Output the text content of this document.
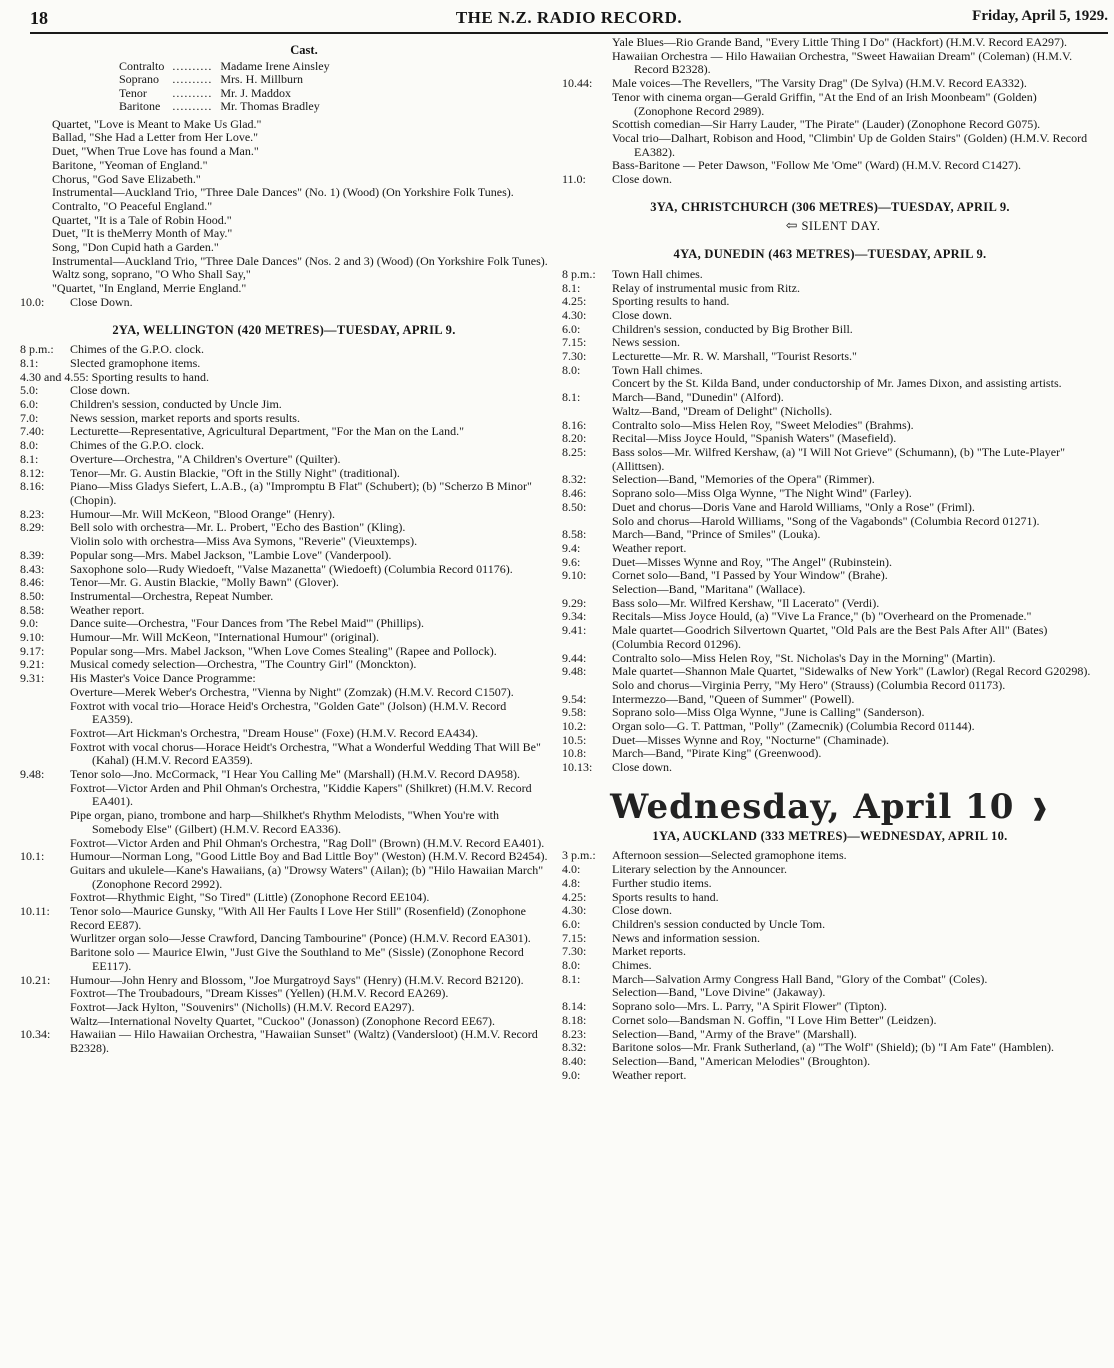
18	THE N.Z. RADIO RECORD.	Friday, April 5, 1929.
Cast.
Contralto	..........	Madame Irene Ainsley
Soprano	..........	Mrs. H. Millburn
Tenor	..........	Mr. J. Maddox
Baritone	..........	Mr. Thomas Bradley
Quartet, "Love is Meant to Make Us Glad."
Ballad, "She Had a Letter from Her Love."
Duet, "When True Love has found a Man."
Baritone, "Yeoman of England."
Chorus, "God Save Elizabeth."
Instrumental—Auckland Trio, "Three Dale Dances" (No. 1) (Wood) (On Yorkshire Folk Tunes).
Contralto, "O Peaceful England."
Quartet, "It is a Tale of Robin Hood."
Duet, "It is theMerry Month of May."
Song, "Don Cupid hath a Garden."
Instrumental—Auckland Trio, "Three Dale Dances" (Nos. 2 and 3) (Wood) (On Yorkshire Folk Tunes).
Waltz song, soprano, "O Who Shall Say,"
"Quartet, "In England, Merrie England."
10.0: Close Down.
2YA, WELLINGTON (420 METRES)—TUESDAY, APRIL 9.
8 p.m.: Chimes of the G.P.O. clock.
8.1:	Slected gramophone items.
4.30 and 4.55: Sporting results to hand.
5.0:	Close down.
6.0:	Children's session, conducted by Uncle Jim.
7.0:	News session, market reports and sports results.
7.40: Lecturette—Representative, Agricultural Department, "For the Man on the Land."
8.0:	Chimes of the G.P.O. clock.
8.1:	Overture—Orchestra, "A Children's Overture" (Quilter).
8.12: Tenor—Mr. G. Austin Blackie, "Oft in the Stilly Night" (traditional).
8.16: Piano—Miss Gladys Siefert, L.A.B., (a) "Impromptu B Flat" (Schubert); (b) "Scherzo B Minor" (Chopin).
8.23: Humour—Mr. Will McKeon, "Blood Orange" (Henry).
8.29: Bell solo with orchestra—Mr. L. Probert, "Echo des Bastion" (Kling).
Violin solo with orchestra—Miss Ava Symons, "Reverie" (Vieuxtemps).
8.39: Popular song—Mrs. Mabel Jackson, "Lambie Love" (Vanderpool).
8.43: Saxophone solo—Rudy Wiedoeft, "Valse Mazanetta" (Wiedoeft) (Columbia Record 01176).
8.46: Tenor—Mr. G. Austin Blackie, "Molly Bawn" (Glover).
8.50: Instrumental—Orchestra, Repeat Number.
8.58: Weather report.
9.0:	Dance suite—Orchestra, "Four Dances from 'The Rebel Maid'" (Phillips).
9.10: Humour—Mr. Will McKeon, "International Humour" (original).
9.17: Popular song—Mrs. Mabel Jackson, "When Love Comes Stealing" (Rapee and Pollock).
9.21: Musical comedy selection—Orchestra, "The Country Girl" (Monckton).
9.31: His Master's Voice Dance Programme:
Overture—Merek Weber's Orchestra, "Vienna by Night" (Zomzak) (H.M.V. Record C1507).
Foxtrot with vocal trio—Horace Heid's Orchestra, "Golden Gate" (Jolson) (H.M.V. Record EA359).
Foxtrot—Art Hickman's Orchestra, "Dream House" (Foxe) (H.M.V. Record EA434).
Foxtrot with vocal chorus—Horace Heidt's Orchestra, "What a Wonderful Wedding That Will Be" (Kahal) (H.M.V. Record EA359).
9.48: Tenor solo—Jno. McCormack, "I Hear You Calling Me" (Marshall) (H.M.V. Record DA958).
Foxtrot—Victor Arden and Phil Ohman's Orchestra, "Kiddie Kapers" (Shilkret) (H.M.V. Record EA401).
Pipe organ, piano, trombone and harp—Shilkhet's Rhythm Melodists, "When You're with Somebody Else" (Gilbert) (H.M.V. Record EA336).
Foxtrot—Victor Arden and Phil Ohman's Orchestra, "Rag Doll" (Brown) (H.M.V. Record EA401).
10.1: Humour—Norman Long, "Good Little Boy and Bad Little Boy" (Weston) (H.M.V. Record B2454).
Guitars and ukulele—Kane's Hawaiians, (a) "Drowsy Waters" (Ailan); (b) "Hilo Hawaiian March" (Zonophone Record 2992).
Foxtrot—Rhythmic Eight, "So Tired" (Little) (Zonophone Record EE104).
10.11: Tenor solo—Maurice Gunsky, "With All Her Faults I Love Her Still" (Rosenfield) (Zonophone Record EE87).
Wurlitzer organ solo—Jesse Crawford, Dancing Tambourine" (Ponce) (H.M.V. Record EA301).
Baritone solo — Maurice Elwin, "Just Give the Southland to Me" (Sissle) (Zonophone Record EE117).
10.21: Humour—John Henry and Blossom, "Joe Murgatroyd Says" (Henry) (H.M.V. Record B2120).
Foxtrot—The Troubadours, "Dream Kisses" (Yellen) (H.M.V. Record EA269).
Foxtrot—Jack Hylton, "Souvenirs" (Nicholls) (H.M.V. Record EA297).
Waltz—International Novelty Quartet, "Cuckoo" (Jonasson) (Zonophone Record EE67).
10.34: Hawaiian — Hilo Hawaiian Orchestra, "Hawaiian Sunset" (Waltz) (Vandersloot) (H.M.V. Record B2328).
Yale Blues—Rio Grande Band, "Every Little Thing I Do" (Hackfort) (H.M.V. Record EA297).
Hawaiian Orchestra — Hilo Hawaiian Orchestra, "Sweet Hawaiian Dream" (Coleman) (H.M.V. Record B2328).
10.44: Male voices—The Revellers, "The Varsity Drag" (De Sylva) (H.M.V. Record EA332).
Tenor with cinema organ—Gerald Griffin, "At the End of an Irish Moonbeam" (Golden) (Zonophone Record 2989).
Scottish comedian—Sir Harry Lauder, "The Pirate" (Lauder) (Zonophone Record G075).
Vocal trio—Dalhart, Robison and Hood, "Climbin' Up de Golden Stairs" (Golden) (H.M.V. Record EA382).
Bass-Baritone — Peter Dawson, "Follow Me 'Ome" (Ward) (H.M.V. Record C1427).
11.0: Close down.
3YA, CHRISTCHURCH (306 METRES)—TUESDAY, APRIL 9.
⇦ SILENT DAY.
4YA, DUNEDIN (463 METRES)—TUESDAY, APRIL 9.
8 p.m.: Town Hall chimes.
8.1:	Relay of instrumental music from Ritz.
4.25: Sporting results to hand.
4.30: Close down.
6.0:	Children's session, conducted by Big Brother Bill.
7.15: News session.
7.30: Lecturette—Mr. R. W. Marshall, "Tourist Resorts."
8.0:	Town Hall chimes.
Concert by the St. Kilda Band, under conductorship of Mr. James Dixon, and assisting artists.
8.1:	March—Band, "Dunedin" (Alford).
Waltz—Band, "Dream of Delight" (Nicholls).
8.16: Contralto solo—Miss Helen Roy, "Sweet Melodies" (Brahms).
8.20: Recital—Miss Joyce Hould, "Spanish Waters" (Masefield).
8.25: Bass solos—Mr. Wilfred Kershaw, (a) "I Will Not Grieve" (Schumann), (b) "The Lute-Player" (Allittsen).
8.32: Selection—Band, "Memories of the Opera" (Rimmer).
8.46: Soprano solo—Miss Olga Wynne, "The Night Wind" (Farley).
8.50: Duet and chorus—Doris Vane and Harold Williams, "Only a Rose" (Friml).
Solo and chorus—Harold Williams, "Song of the Vagabonds" (Columbia Record 01271).
8.58: March—Band, "Prince of Smiles" (Louka).
9.4:	Weather report.
9.6:	Duet—Misses Wynne and Roy, "The Angel" (Rubinstein).
9.10: Cornet solo—Band, "I Passed by Your Window" (Brahe).
Selection—Band, "Maritana" (Wallace).
9.29: Bass solo—Mr. Wilfred Kershaw, "Il Lacerato" (Verdi).
9.34: Recitals—Miss Joyce Hould, (a) "Vive La France," (b) "Overheard on the Promenade."
9.41: Male quartet—Goodrich Silvertown Quartet, "Old Pals are the Best Pals After All" (Bates) (Columbia Record 01296).
9.44: Contralto solo—Miss Helen Roy, "St. Nicholas's Day in the Morning" (Martin).
9.48: Male quartet—Shannon Male Quartet, "Sidewalks of New York" (Lawlor) (Regal Record G20298).
Solo and chorus—Virginia Perry, "My Hero" (Strauss) (Columbia Record 01173).
9.54: Intermezzo—Band, "Queen of Summer" (Powell).
9.58: Soprano solo—Miss Olga Wynne, "June is Calling" (Sanderson).
10.2: Organ solo—G. T. Pattman, "Polly" (Zamecnik) (Columbia Record 01144).
10.5: Duet—Misses Wynne and Roy, "Nocturne" (Chaminade).
10.8: March—Band, "Pirate King" (Greenwood).
10.13: Close down.
Wednesday, April 10 ❱
1YA, AUCKLAND (333 METRES)—WEDNESDAY, APRIL 10.
3 p.m.: Afternoon session—Selected gramophone items.
4.0:	Literary selection by the Announcer.
4.8:	Further studio items.
4.25: Sports results to hand.
4.30: Close down.
6.0:	Children's session conducted by Uncle Tom.
7.15: News and information session.
7.30: Market reports.
8.0:	Chimes.
8.1:	March—Salvation Army Congress Hall Band, "Glory of the Combat" (Coles).
Selection—Band, "Love Divine" (Jakaway).
8.14: Soprano solo—Mrs. L. Parry, "A Spirit Flower" (Tipton).
8.18: Cornet solo—Bandsman N. Goffin, "I Love Him Better" (Leidzen).
8.23: Selection—Band, "Army of the Brave" (Marshall).
8.32: Baritone solos—Mr. Frank Sutherland, (a) "The Wolf" (Shield); (b) "I Am Fate" (Hamblen).
8.40: Selection—Band, "American Melodies" (Broughton).
9.0:	Weather report.
